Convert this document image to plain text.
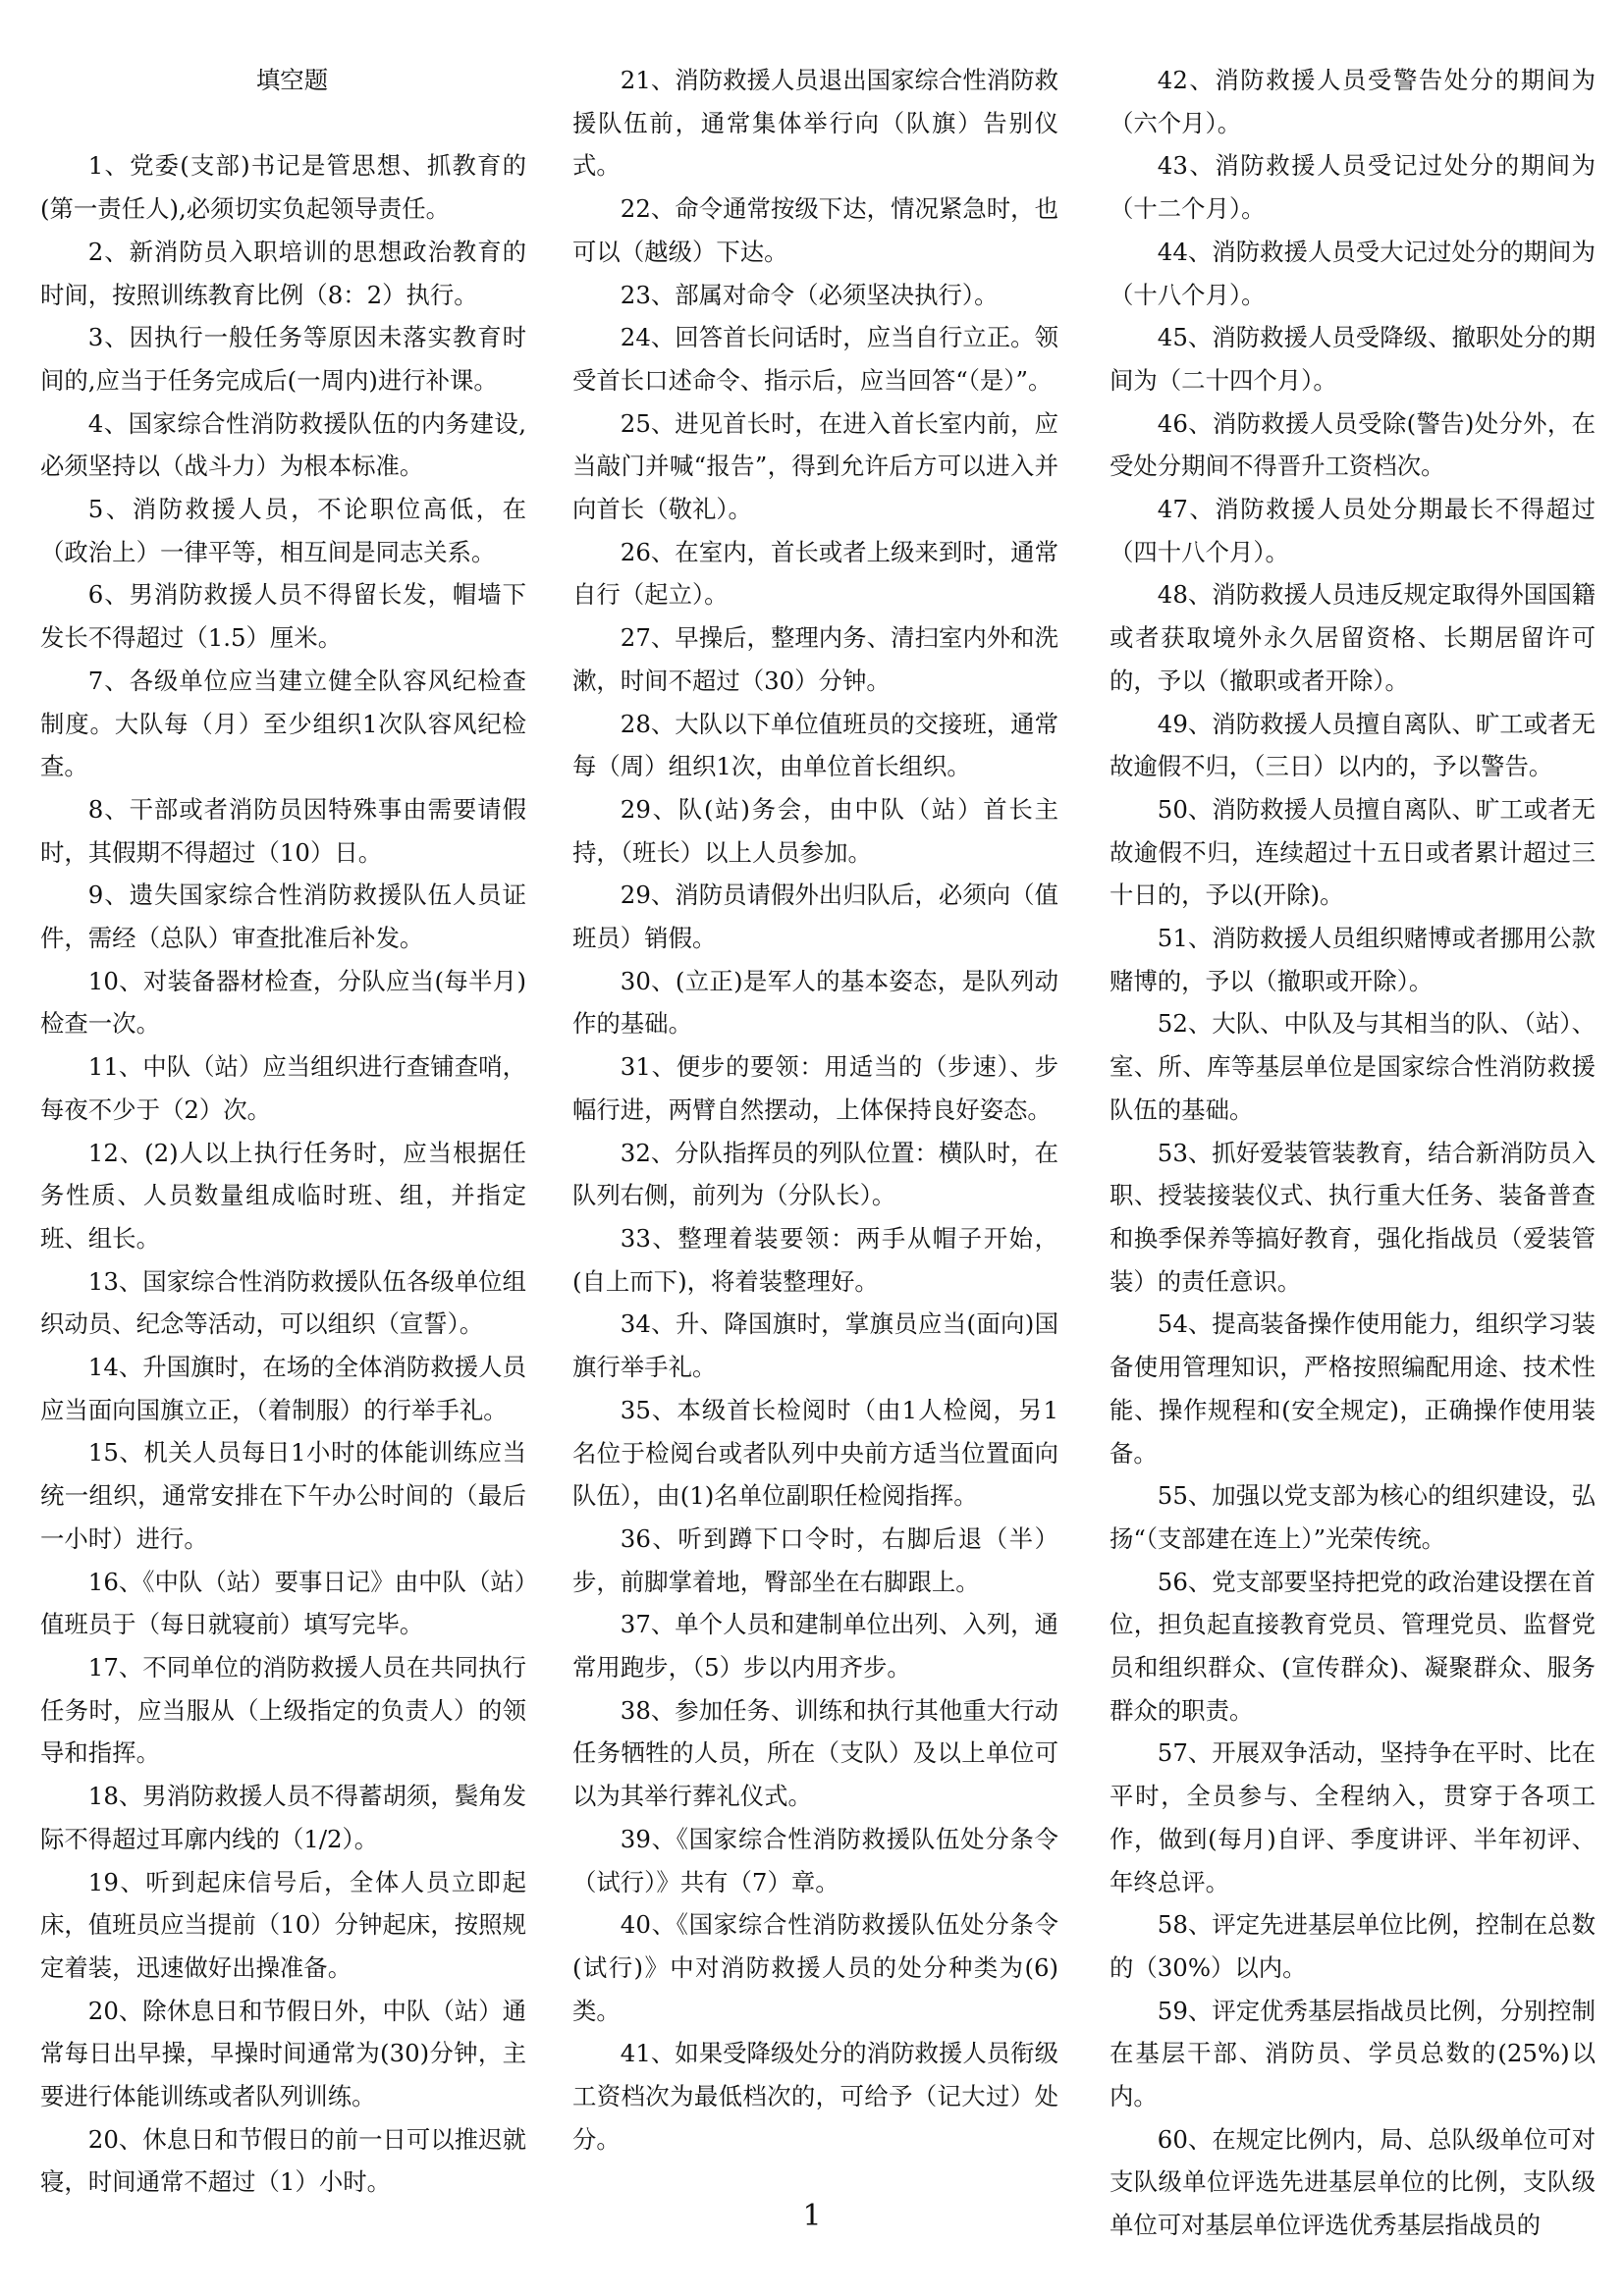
填空题

1、党委(支部)书记是管思想、抓教育的(第一责任人),必须切实负起领导责任。

2、新消防员入职培训的思想政治教育的时间，按照训练教育比例（8：2）执行。

3、因执行一般任务等原因未落实教育时间的,应当于任务完成后(一周内)进行补课。

4、国家综合性消防救援队伍的内务建设,必须坚持以（战斗力）为根本标准。

5、消防救援人员，不论职位高低，在（政治上）一律平等，相互间是同志关系。

6、男消防救援人员不得留长发，帽墙下发长不得超过（1.5）厘米。

7、各级单位应当建立健全队容风纪检查制度。大队每（月）至少组织1次队容风纪检查。

8、干部或者消防员因特殊事由需要请假时，其假期不得超过（10）日。

9、遗失国家综合性消防救援队伍人员证件，需经（总队）审查批准后补发。

10、对装备器材检查，分队应当(每半月)检查一次。

11、中队（站）应当组织进行查铺查哨，每夜不少于（2）次。

12、(2)人以上执行任务时，应当根据任务性质、人员数量组成临时班、组，并指定班、组长。

13、国家综合性消防救援队伍各级单位组织动员、纪念等活动，可以组织（宣誓）。

14、升国旗时，在场的全体消防救援人员应当面向国旗立正，（着制服）的行举手礼。

15、机关人员每日1小时的体能训练应当统一组织，通常安排在下午办公时间的（最后一小时）进行。

16、《中队（站）要事日记》由中队（站）值班员于（每日就寝前）填写完毕。

17、不同单位的消防救援人员在共同执行任务时，应当服从（上级指定的负责人）的领导和指挥。

18、男消防救援人员不得蓄胡须，鬓角发际不得超过耳廓内线的（1/2）。

19、听到起床信号后，全体人员立即起床，值班员应当提前（10）分钟起床，按照规定着装，迅速做好出操准备。

20、除休息日和节假日外，中队（站）通常每日出早操，早操时间通常为(30)分钟，主要进行体能训练或者队列训练。

20、休息日和节假日的前一日可以推迟就寝，时间通常不超过（1）小时。

21、消防救援人员退出国家综合性消防救援队伍前，通常集体举行向（队旗）告别仪式。

22、命令通常按级下达，情况紧急时，也可以（越级）下达。

23、部属对命令（必须坚决执行）。

24、回答首长问话时，应当自行立正。领受首长口述命令、指示后，应当回答“（是）”。

25、进见首长时，在进入首长室内前，应当敲门并喊“报告”，得到允许后方可以进入并向首长（敬礼）。

26、在室内，首长或者上级来到时，通常自行（起立）。

27、早操后，整理内务、清扫室内外和洗漱，时间不超过（30）分钟。

28、大队以下单位值班员的交接班，通常每（周）组织1次，由单位首长组织。

29、队(站)务会，由中队（站）首长主持，（班长）以上人员参加。

29、消防员请假外出归队后，必须向（值班员）销假。

30、(立正)是军人的基本姿态，是队列动作的基础。

31、便步的要领：用适当的（步速）、步幅行进，两臂自然摆动，上体保持良好姿态。

32、分队指挥员的列队位置：横队时，在队列右侧，前列为（分队长）。

33、整理着装要领：两手从帽子开始，(自上而下)，将着装整理好。

34、升、降国旗时，掌旗员应当(面向)国旗行举手礼。

35、本级首长检阅时（由1人检阅，另1名位于检阅台或者队列中央前方适当位置面向队伍），由(1)名单位副职任检阅指挥。

36、听到蹲下口令时，右脚后退（半）步，前脚掌着地，臀部坐在右脚跟上。

37、单个人员和建制单位出列、入列，通常用跑步，（5）步以内用齐步。

38、参加任务、训练和执行其他重大行动任务牺牲的人员，所在（支队）及以上单位可以为其举行葬礼仪式。

39、《国家综合性消防救援队伍处分条令（试行）》共有（7）章。

40、《国家综合性消防救援队伍处分条令(试行)》中对消防救援人员的处分种类为(6)类。

41、如果受降级处分的消防救援人员衔级工资档次为最低档次的，可给予（记大过）处分。

42、消防救援人员受警告处分的期间为（六个月）。

43、消防救援人员受记过处分的期间为（十二个月）。

44、消防救援人员受大记过处分的期间为（十八个月）。

45、消防救援人员受降级、撤职处分的期间为（二十四个月）。

46、消防救援人员受除(警告)处分外，在受处分期间不得晋升工资档次。

47、消防救援人员处分期最长不得超过（四十八个月）。

48、消防救援人员违反规定取得外国国籍或者获取境外永久居留资格、长期居留许可的，予以（撤职或者开除）。

49、消防救援人员擅自离队、旷工或者无故逾假不归，（三日）以内的，予以警告。

50、消防救援人员擅自离队、旷工或者无故逾假不归，连续超过十五日或者累计超过三十日的，予以(开除)。

51、消防救援人员组织赌博或者挪用公款赌博的，予以（撤职或开除）。

52、大队、中队及与其相当的队、（站）、室、所、库等基层单位是国家综合性消防救援队伍的基础。

53、抓好爱装管装教育，结合新消防员入职、授装接装仪式、执行重大任务、装备普查和换季保养等搞好教育，强化指战员（爱装管装）的责任意识。

54、提高装备操作使用能力，组织学习装备使用管理知识，严格按照编配用途、技术性能、操作规程和(安全规定)，正确操作使用装备。

55、加强以党支部为核心的组织建设，弘扬“（支部建在连上）”光荣传统。

56、党支部要坚持把党的政治建设摆在首位，担负起直接教育党员、管理党员、监督党员和组织群众、(宣传群众)、凝聚群众、服务群众的职责。

57、开展双争活动，坚持争在平时、比在平时，全员参与、全程纳入，贯穿于各项工作，做到(每月)自评、季度讲评、半年初评、年终总评。

58、评定先进基层单位比例，控制在总数的（30%）以内。

59、评定优秀基层指战员比例，分别控制在基层干部、消防员、学员总数的(25%)以内。

60、在规定比例内，局、总队级单位可对支队级单位评选先进基层单位的比例，支队级单位可对基层单位评选优秀基层指战员的

1
